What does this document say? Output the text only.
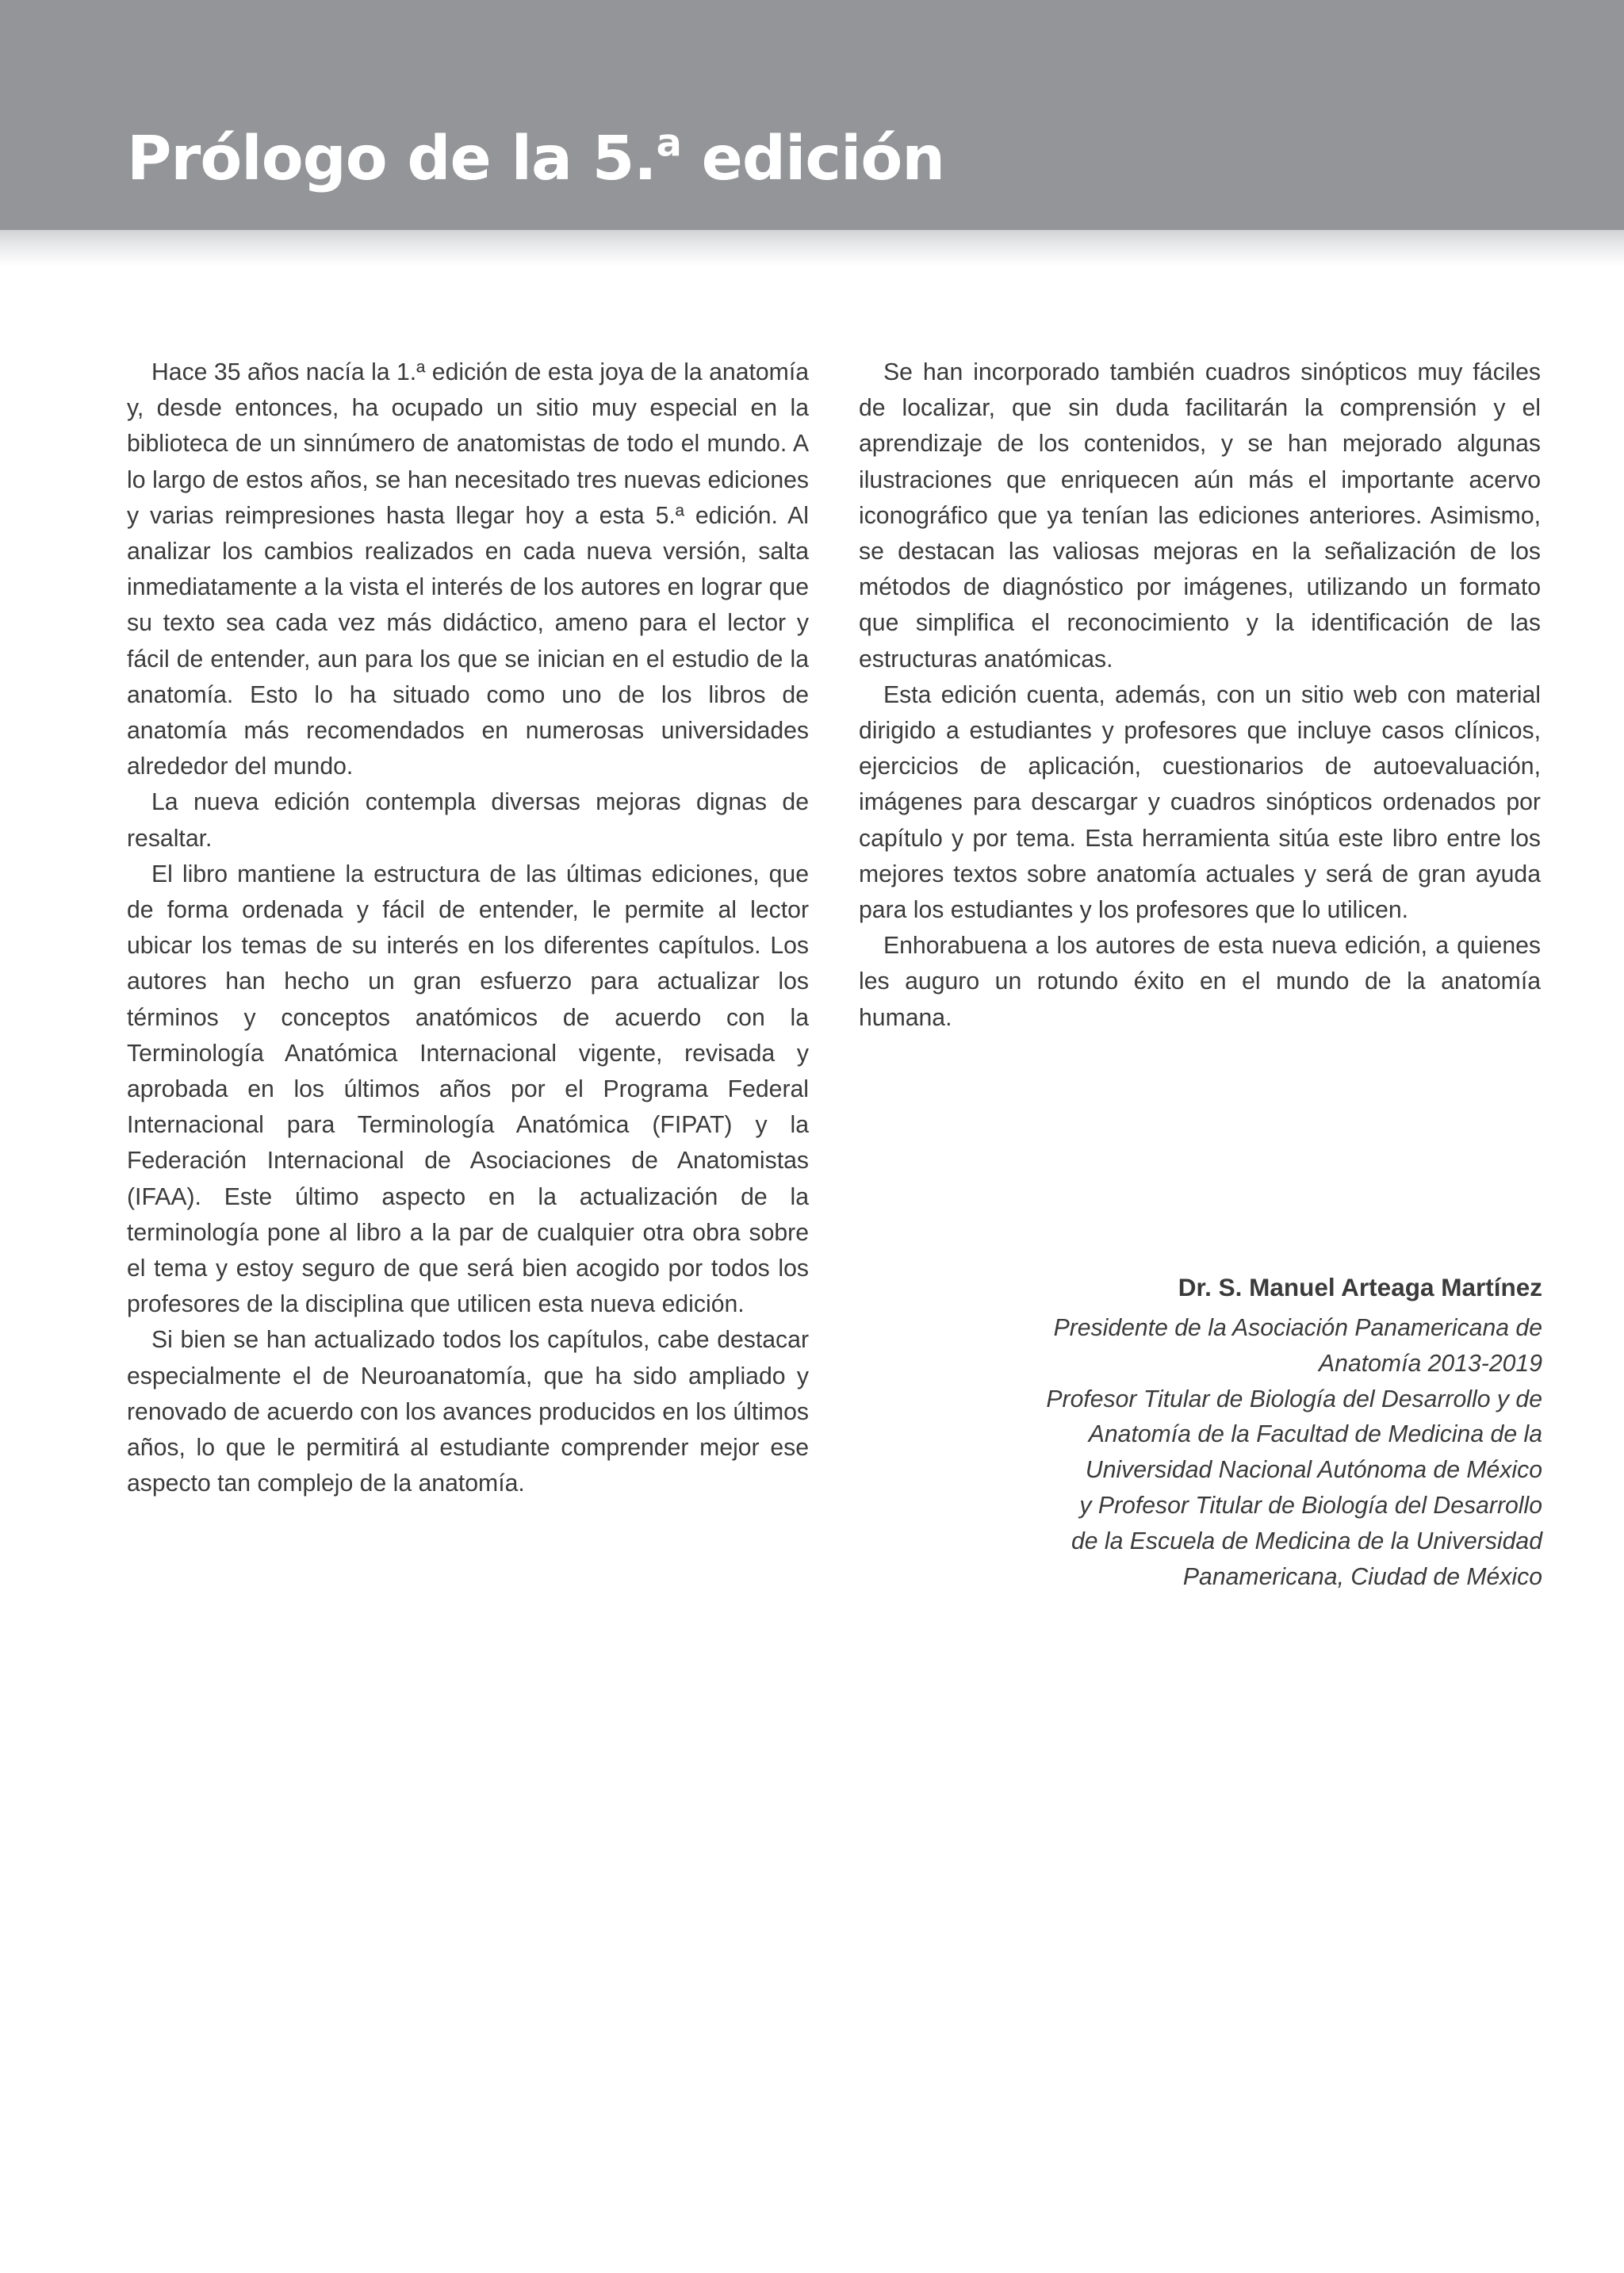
Prólogo de la 5.$^a$ edición

Hace 35 años nacía la 1.ª edición de esta joya de la anatomía y, desde entonces, ha ocupado un sitio muy especial en la biblioteca de un sinnúmero de anatomistas de todo el mundo. A lo largo de estos años, se han necesitado tres nuevas ediciones y varias reimpresiones hasta llegar hoy a esta 5.ª edición. Al analizar los cambios realizados en cada nueva versión, salta inmediatamente a la vista el interés de los autores en lograr que su texto sea cada vez más didáctico, ameno para el lector y fácil de entender, aun para los que se inician en el estudio de la anatomía. Esto lo ha situado como uno de los libros de anatomía más recomendados en numerosas universidades alrededor del mundo.

La nueva edición contempla diversas mejoras dignas de resaltar.

El libro mantiene la estructura de las últimas ediciones, que de forma ordenada y fácil de entender, le permite al lector ubicar los temas de su interés en los diferentes capítulos. Los autores han hecho un gran esfuerzo para actualizar los términos y conceptos anatómicos de acuerdo con la Terminología Anatómica Internacional vigente, revisada y aprobada en los últimos años por el Programa Federal Internacional para Terminología Anatómica (FIPAT) y la Federación Internacional de Asociaciones de Anatomistas (IFAA). Este último aspecto en la actualización de la terminología pone al libro a la par de cualquier otra obra sobre el tema y estoy seguro de que será bien acogido por todos los profesores de la disciplina que utilicen esta nueva edición.

Si bien se han actualizado todos los capítulos, cabe destacar especialmente el de Neuroanatomía, que ha sido ampliado y renovado de acuerdo con los avances producidos en los últimos años, lo que le permitirá al estudiante comprender mejor ese aspecto tan complejo de la anatomía.

Se han incorporado también cuadros sinópticos muy fáciles de localizar, que sin duda facilitarán la comprensión y el aprendizaje de los contenidos, y se han mejorado algunas ilustraciones que enriquecen aún más el importante acervo iconográfico que ya tenían las ediciones anteriores. Asimismo, se destacan las valiosas mejoras en la señalización de los métodos de diagnóstico por imágenes, utilizando un formato que simplifica el reconocimiento y la identificación de las estructuras anatómicas.

Esta edición cuenta, además, con un sitio web con material dirigido a estudiantes y profesores que incluye casos clínicos, ejercicios de aplicación, cuestionarios de autoevaluación, imágenes para descargar y cuadros sinópticos ordenados por capítulo y por tema. Esta herramienta sitúa este libro entre los mejores textos sobre anatomía actuales y será de gran ayuda para los estudiantes y los profesores que lo utilicen.

Enhorabuena a los autores de esta nueva edición, a quienes les auguro un rotundo éxito en el mundo de la anatomía humana.

Dr. S. Manuel Arteaga Martínez

Presidente de la Asociación Panamericana de

Anatomía 2013-2019

Profesor Titular de Biología del Desarrollo y de

Anatomía de la Facultad de Medicina de la

Universidad Nacional Autónoma de México

y Profesor Titular de Biología del Desarrollo

de la Escuela de Medicina de la Universidad

Panamericana, Ciudad de México
